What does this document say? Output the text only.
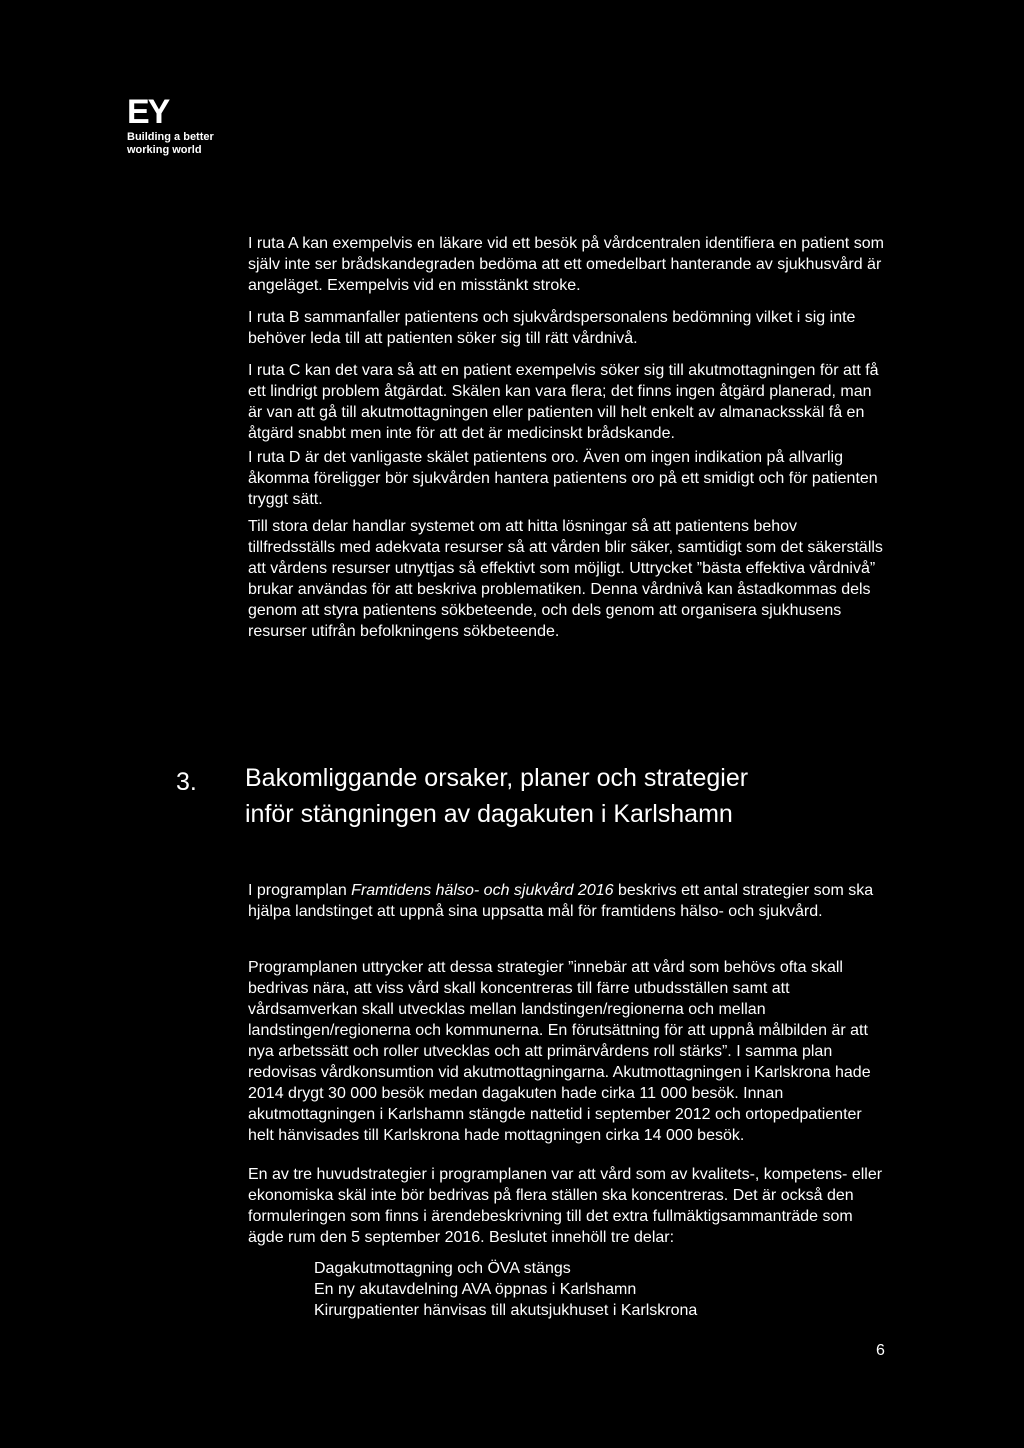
EY
Building a better
working world

I ruta A kan exempelvis en läkare vid ett besök på vårdcentralen identifiera en patient som själv inte ser brådskandegraden bedöma att ett omedelbart hanterande av sjukhusvård är angeläget. Exempelvis vid en misstänkt stroke.

I ruta B sammanfaller patientens och sjukvårdspersonalens bedömning vilket i sig inte behöver leda till att patienten söker sig till rätt vårdnivå.

I ruta C kan det vara så att en patient exempelvis söker sig till akutmottagningen för att få ett lindrigt problem åtgärdat. Skälen kan vara flera; det finns ingen åtgärd planerad, man är van att gå till akutmottagningen eller patienten vill helt enkelt av almanacksskäl få en åtgärd snabbt men inte för att det är medicinskt brådskande.

I ruta D är det vanligaste skälet patientens oro. Även om ingen indikation på allvarlig åkomma föreligger bör sjukvården hantera patientens oro på ett smidigt och för patienten tryggt sätt.

Till stora delar handlar systemet om att hitta lösningar så att patientens behov tillfredsställs med adekvata resurser så att vården blir säker, samtidigt som det säkerställs att vårdens resurser utnyttjas så effektivt som möjligt. Uttrycket ”bästa effektiva vårdnivå” brukar användas för att beskriva problematiken. Denna vårdnivå kan åstadkommas dels genom att styra patientens sökbeteende, och dels genom att organisera sjukhusens resurser utifrån befolkningens sökbeteende.

3. Bakomliggande orsaker, planer och strategier
inför stängningen av dagakuten i Karlshamn

I programplan Framtidens hälso- och sjukvård 2016 beskrivs ett antal strategier som ska hjälpa landstinget att uppnå sina uppsatta mål för framtidens hälso- och sjukvård.

Programplanen uttrycker att dessa strategier ”innebär att vård som behövs ofta skall bedrivas nära, att viss vård skall koncentreras till färre utbudsställen samt att vårdsamverkan skall utvecklas mellan landstingen/regionerna och mellan landstingen/regionerna och kommunerna. En förutsättning för att uppnå målbilden är att nya arbetssätt och roller utvecklas och att primärvårdens roll stärks”. I samma plan redovisas vårdkonsumtion vid akutmottagningarna. Akutmottagningen i Karlskrona hade 2014 drygt 30 000 besök medan dagakuten hade cirka 11 000 besök. Innan akutmottagningen i Karlshamn stängde nattetid i september 2012 och ortopedpatienter helt hänvisades till Karlskrona hade mottagningen cirka 14 000 besök.

En av tre huvudstrategier i programplanen var att vård som av kvalitets-, kompetens- eller ekonomiska skäl inte bör bedrivas på flera ställen ska koncentreras. Det är också den formuleringen som finns i ärendebeskrivning till det extra fullmäktigsammanträde som ägde rum den 5 september 2016. Beslutet innehöll tre delar:

Dagakutmottagning och ÖVA stängs
En ny akutavdelning AVA öppnas i Karlshamn
Kirurgpatienter hänvisas till akutsjukhuset i Karlskrona
6
